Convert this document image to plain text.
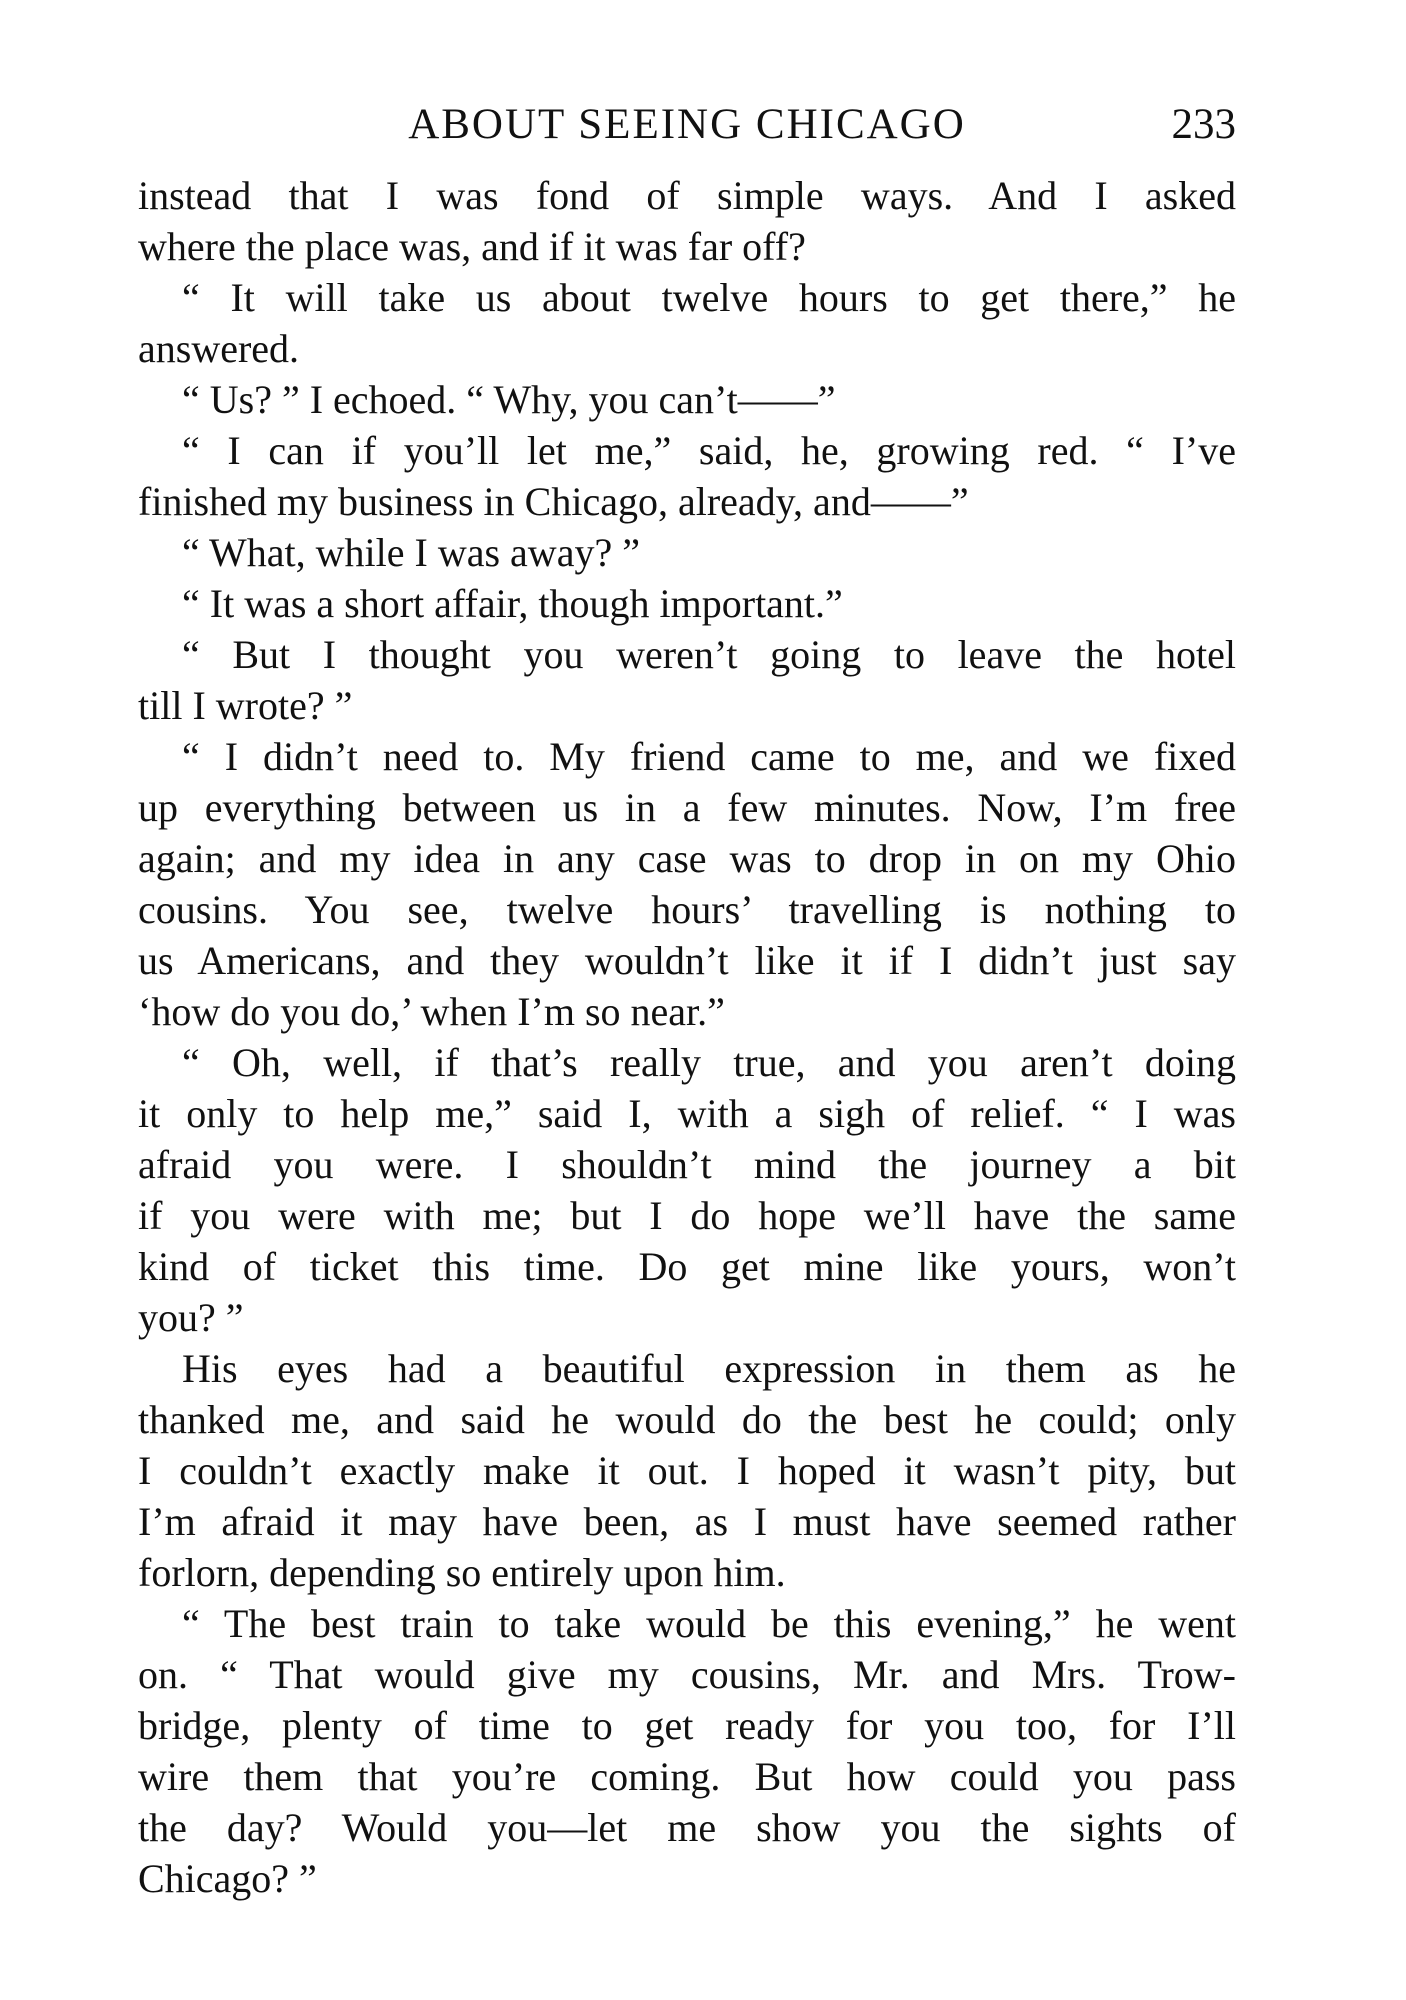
ABOUT SEEING CHICAGO	233
instead that I was fond of simple ways. And I asked
where the place was, and if it was far off?
“ It will take us about twelve hours to get there,” he
answered.
“ Us? ” I echoed. “ Why, you can’t——”
“ I can if you’ll let me,” said, he, growing red. “ I’ve
finished my business in Chicago, already, and——”
“ What, while I was away? ”
“ It was a short affair, though important.”
“ But I thought you weren’t going to leave the hotel
till I wrote? ”
“ I didn’t need to. My friend came to me, and we fixed
up everything between us in a few minutes. Now, I’m free
again; and my idea in any case was to drop in on my Ohio
cousins. You see, twelve hours’ travelling is nothing to
us Americans, and they wouldn’t like it if I didn’t just say
‘how do you do,’ when I’m so near.”
“ Oh, well, if that’s really true, and you aren’t doing
it only to help me,” said I, with a sigh of relief. “ I was
afraid you were. I shouldn’t mind the journey a bit
if you were with me; but I do hope we’ll have the same
kind of ticket this time. Do get mine like yours, won’t
you? ”
His eyes had a beautiful expression in them as he
thanked me, and said he would do the best he could; only
I couldn’t exactly make it out. I hoped it wasn’t pity, but
I’m afraid it may have been, as I must have seemed rather
forlorn, depending so entirely upon him.
“ The best train to take would be this evening,” he went
on. “ That would give my cousins, Mr. and Mrs. Trow-
bridge, plenty of time to get ready for you too, for I’ll
wire them that you’re coming. But how could you pass
the day? Would you—let me show you the sights of
Chicago? ”
